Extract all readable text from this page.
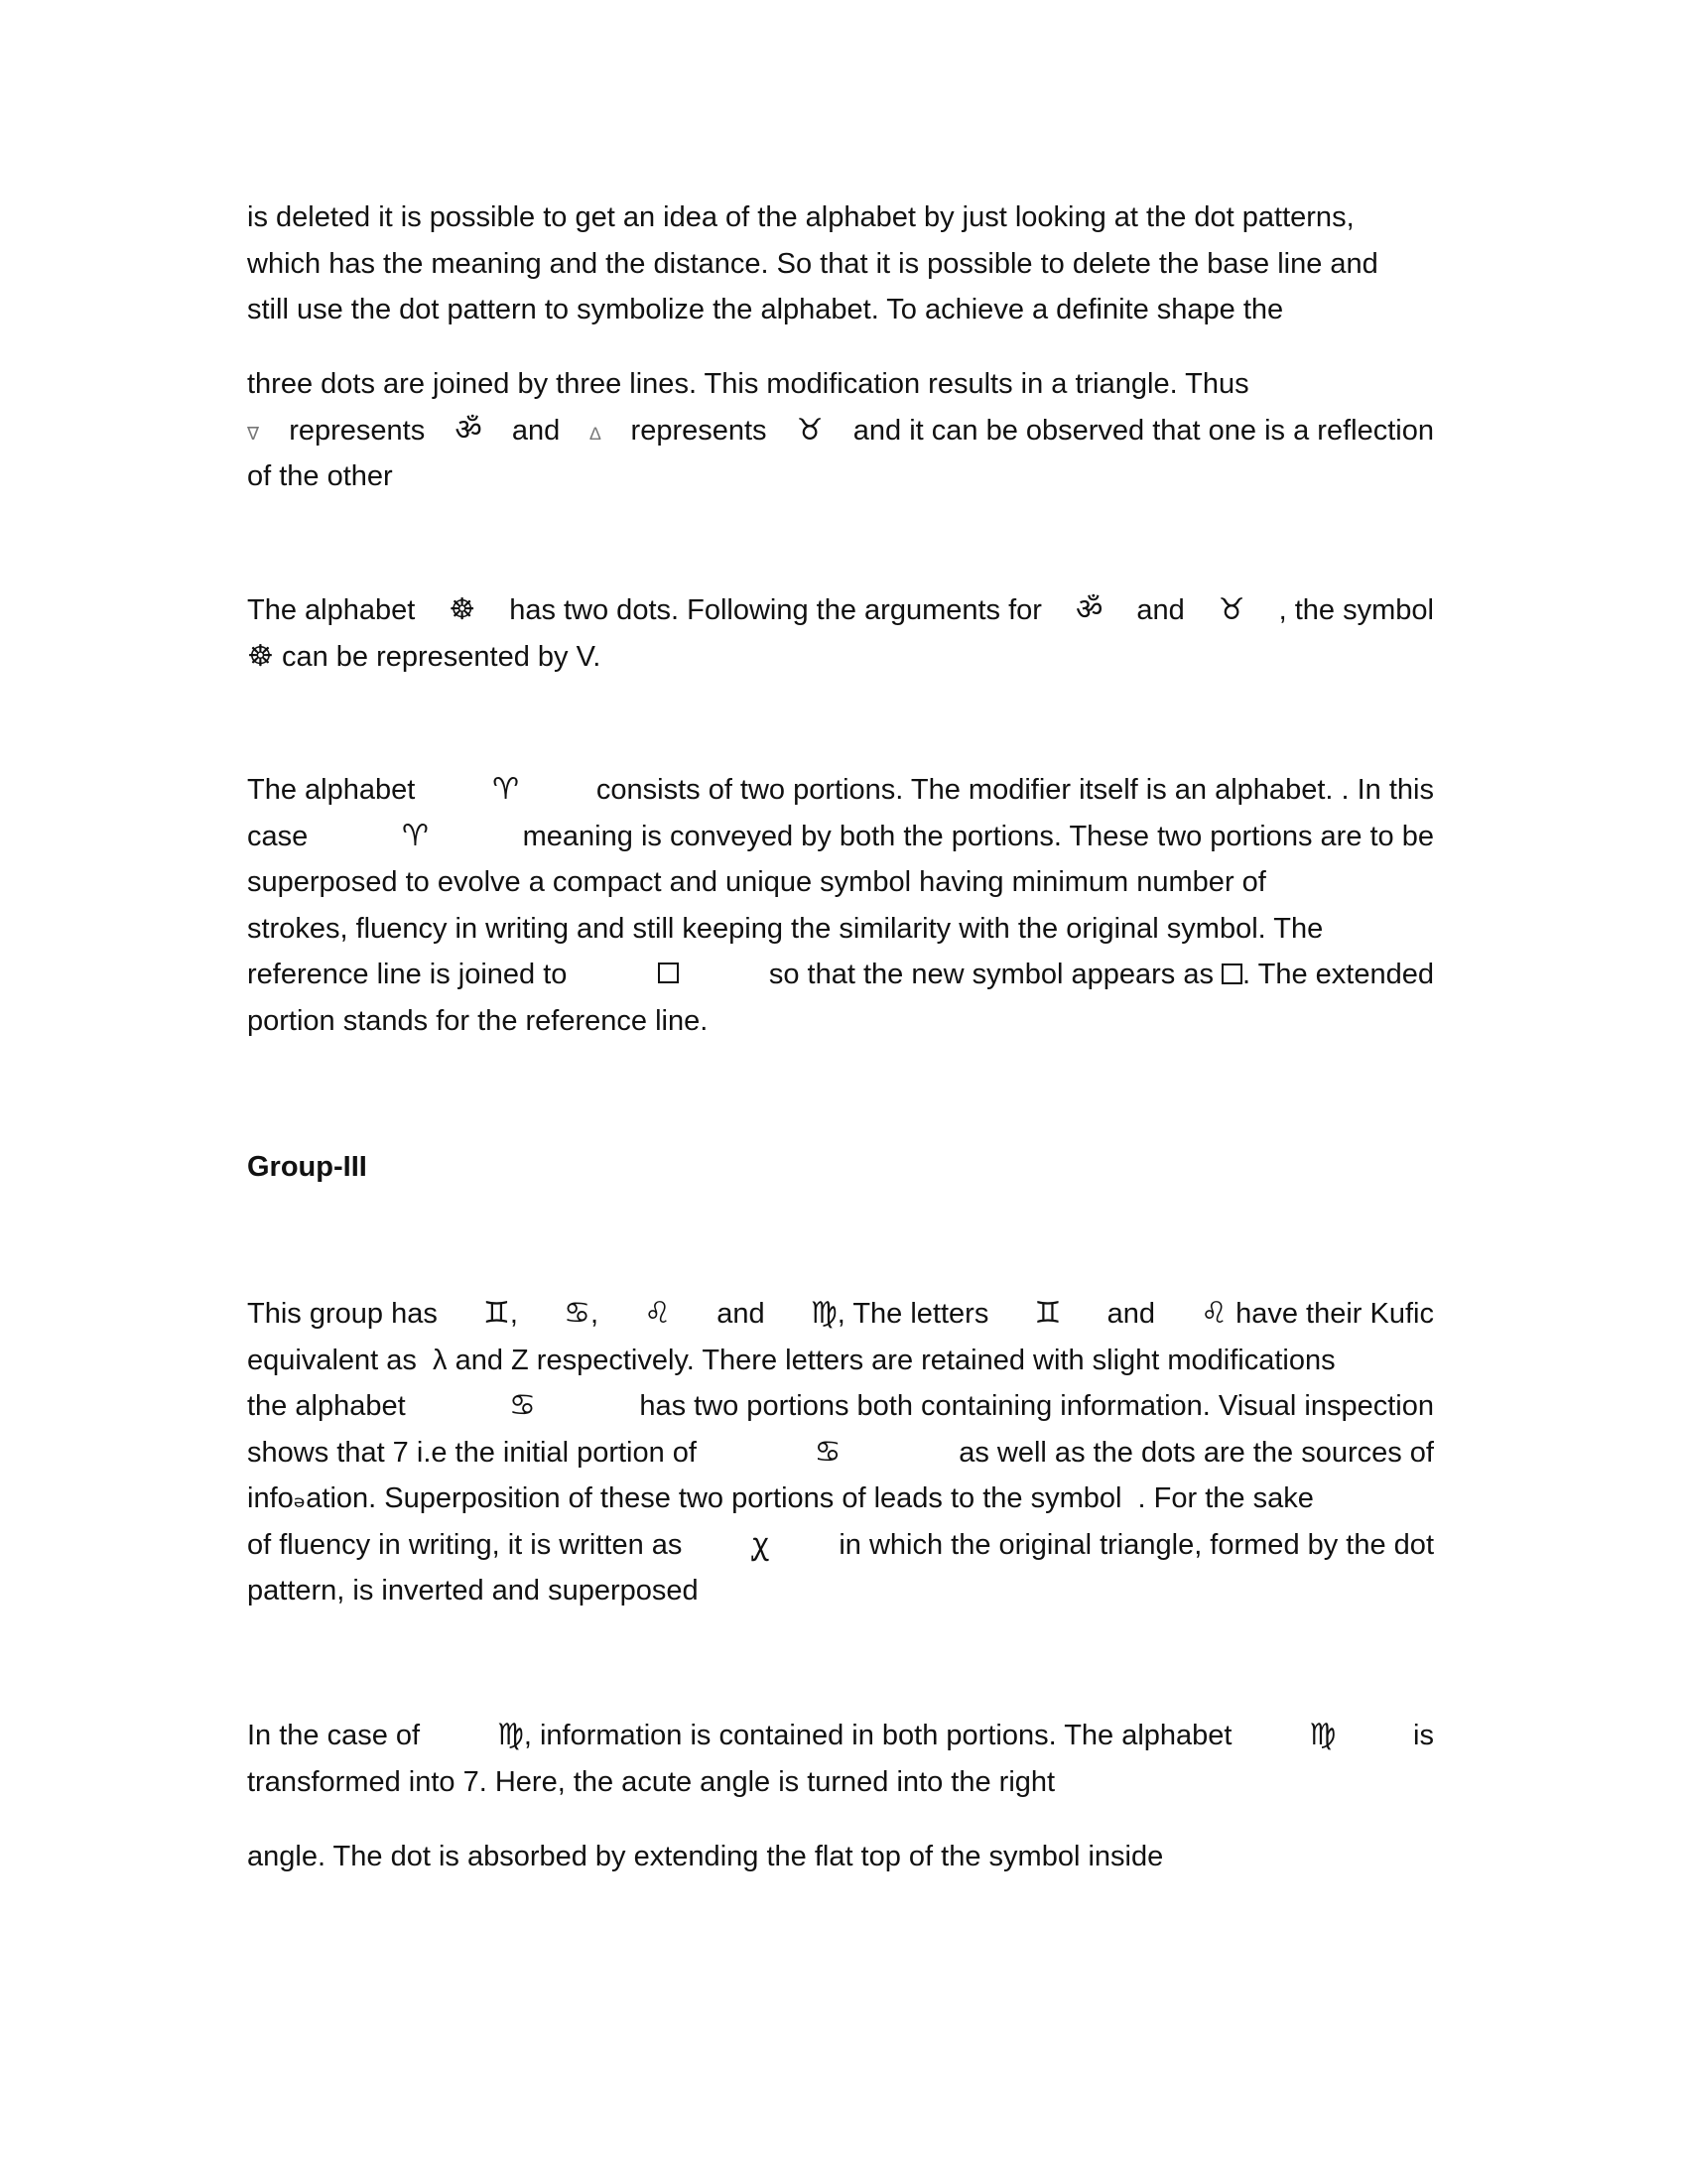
is deleted it is possible to get an idea of the alphabet by just looking at the dot patterns,
which has the meaning and the distance. So that it is possible to delete the base line and
still use the dot pattern to symbolize the alphabet. To achieve a definite shape the
three dots are joined by three lines. This modification results in a triangle. Thus
∇ represents ॐ and ∆ represents ♉ and it can be observed that one is a reflection
of the other
The alphabet ☸ has two dots. Following the arguments for ॐ and ♉ , the symbol
☸ can be represented by V.
The alphabet	♈	consists of two portions. The modifier itself is an alphabet. . In this
case	♈	meaning is conveyed by both the portions. These two portions are to be
superposed to evolve a compact and unique symbol having minimum number of
strokes, fluency in writing and still keeping the similarity with the original symbol. The
reference line is joined to	so that the new symbol appears as . The extended
portion stands for the reference line.
Group-III
This group has ♊, ♋, ♌ and ♍, The letters ♊ and ♌ have their Kufic
equivalent as  λ and Z respectively. There letters are retained with slight modifications
the alphabet	♋	has two portions both containing information. Visual inspection
shows that 7 i.e the initial portion of	♋	as well as the dots are the sources of
infoₔation. Superposition of these two portions of leads to the symbol  . For the sake
of fluency in writing, it is written as ꭕ in which the original triangle, formed by the dot
pattern, is inverted and superposed
In the case of	♍, information is contained in both portions. The alphabet	♍	is
transformed into 7. Here, the acute angle is turned into the right
angle. The dot is absorbed by extending the flat top of the symbol inside
